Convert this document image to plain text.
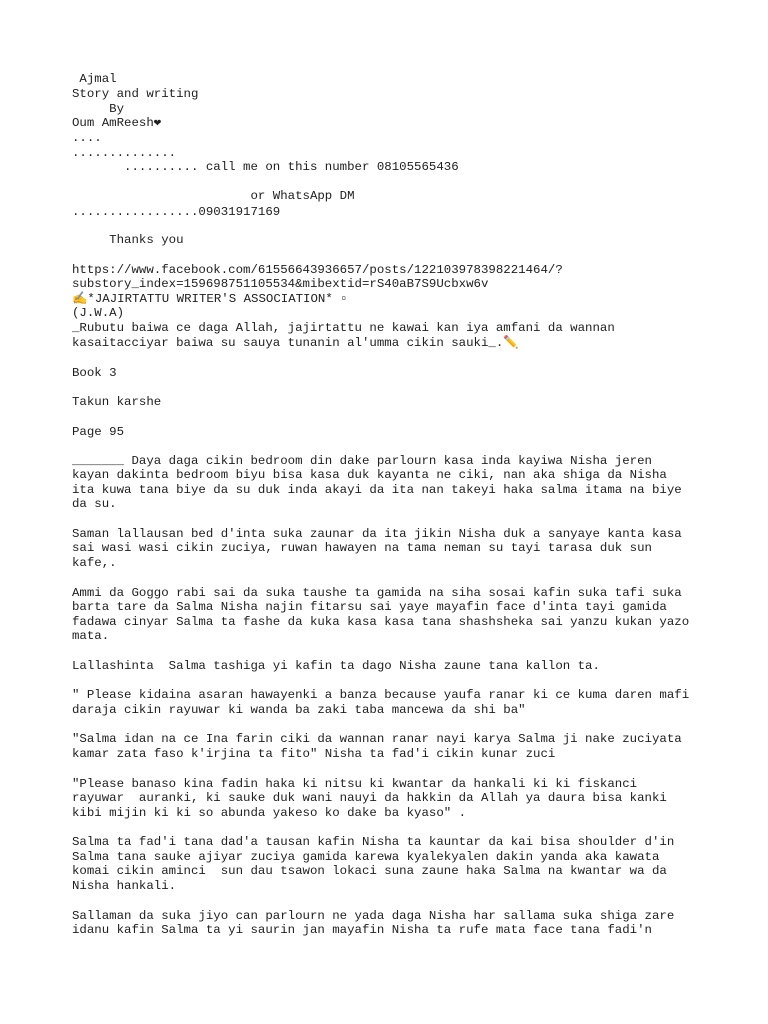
Ajmal

Story and writing

By

Oum AmReesh❤

....

..............

.......... call me on this number 08105565436

or WhatsApp DM

.................09031917169

Thanks you

https://www.facebook.com/61556643936657/posts/122103978398221464/?

substory_index=159698751105534&mibextid=rS40aB7S9Ucbxw6v

✍️*JAJIRTATTU WRITER'S ASSOCIATION* ▫

(J.W.A)

_Rubutu baiwa ce daga Allah, jajirtattu ne kawai kan iya amfani da wannan

kasaitacciyar baiwa su sauya tunanin al'umma cikin sauki_.✏️

Book 3

Takun karshe

Page 95

_______ Daya daga cikin bedroom din dake parlourn kasa inda kayiwa Nisha jeren

kayan dakinta bedroom biyu bisa kasa duk kayanta ne ciki, nan aka shiga da Nisha

ita kuwa tana biye da su duk inda akayi da ita nan takeyi haka salma itama na biye

da su.

Saman lallausan bed d'inta suka zaunar da ita jikin Nisha duk a sanyaye kanta kasa

sai wasi wasi cikin zuciya, ruwan hawayen na tama neman su tayi tarasa duk sun

kafe,.

Ammi da Goggo rabi sai da suka taushe ta gamida na siha sosai kafin suka tafi suka

barta tare da Salma Nisha najin fitarsu sai yaye mayafin face d'inta tayi gamida

fadawa cinyar Salma ta fashe da kuka kasa kasa tana shashsheka sai yanzu kukan yazo

mata.

Lallashinta  Salma tashiga yi kafin ta dago Nisha zaune tana kallon ta.

" Please kidaina asaran hawayenki a banza because yaufa ranar ki ce kuma daren mafi

daraja cikin rayuwar ki wanda ba zaki taba mancewa da shi ba"

"Salma idan na ce Ina farin ciki da wannan ranar nayi karya Salma ji nake zuciyata

kamar zata faso k'irjina ta fito" Nisha ta fad'i cikin kunar zuci

"Please banaso kina fadin haka ki nitsu ki kwantar da hankali ki ki fiskanci

rayuwar  auranki, ki sauke duk wani nauyi da hakkin da Allah ya daura bisa kanki

kibi mijin ki ki so abunda yakeso ko dake ba kyaso" .

Salma ta fad'i tana dad'a tausan kafin Nisha ta kauntar da kai bisa shoulder d'in

Salma tana sauke ajiyar zuciya gamida karewa kyalekyalen dakin yanda aka kawata

komai cikin aminci  sun dau tsawon lokaci suna zaune haka Salma na kwantar wa da

Nisha hankali.

Sallaman da suka jiyo can parlourn ne yada daga Nisha har sallama suka shiga zare

idanu kafin Salma ta yi saurin jan mayafin Nisha ta rufe mata face tana fadi'n
